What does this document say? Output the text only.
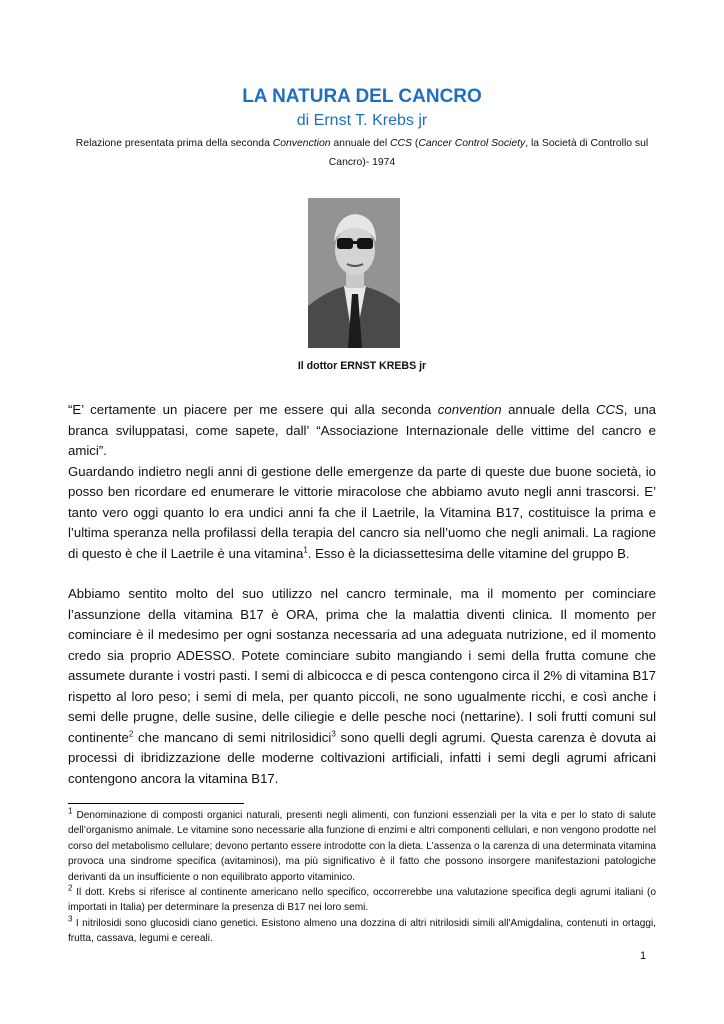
LA NATURA DEL CANCRO
di Ernst T. Krebs jr
Relazione presentata prima della seconda Convenction annuale del CCS (Cancer Control Society, la Società di Controllo sul Cancro)- 1974
Il dottor ERNST KREBS jr

“E’ certamente un piacere per me essere qui alla seconda convention annuale della CCS, una branca sviluppatasi, come sapete, dall’ “Associazione Internazionale delle vittime del cancro e amici”.

Guardando indietro negli anni di gestione delle emergenze da parte di queste due buone società, io posso ben ricordare ed enumerare le vittorie miracolose che abbiamo avuto negli anni trascorsi. E’ tanto vero oggi quanto lo era undici anni fa che il Laetrile, la Vitamina B17, costituisce la prima e l’ultima speranza nella profilassi della terapia del cancro sia nell’uomo che negli animali. La ragione di questo è che il Laetrile è una vitamina$^1$. Esso è la diciassettesima delle vitamine del gruppo B.

Abbiamo sentito molto del suo utilizzo nel cancro terminale, ma il momento per cominciare l’assunzione della vitamina B17 è ORA, prima che la malattia diventi clinica. Il momento per cominciare è il medesimo per ogni sostanza necessaria ad una adeguata nutrizione, ed il momento credo sia proprio ADESSO. Potete cominciare subito mangiando i semi della frutta comune che assumete durante i vostri pasti. I semi di albicocca e di pesca contengono circa il 2% di vitamina B17 rispetto al loro peso; i semi di mela, per quanto piccoli, ne sono ugualmente ricchi, e così anche i semi delle prugne, delle susine, delle ciliegie e delle pesche noci (nettarine). I soli frutti comuni sul continente$^2$ che mancano di semi nitrilosidici$^3$ sono quelli degli agrumi. Questa carenza è dovuta ai processi di ibridizzazione delle moderne coltivazioni artificiali, infatti i semi degli agrumi africani contengono ancora la vitamina B17.

$^1$ Denominazione di composti organici naturali, presenti negli alimenti, con funzioni essenziali per la vita e per lo stato di salute dell’organismo animale. Le vitamine sono necessarie alla funzione di enzimi e altri componenti cellulari, e non vengono prodotte nel corso del metabolismo cellulare; devono pertanto essere introdotte con la dieta. L’assenza o la carenza di una determinata vitamina provoca una sindrome specifica (avitaminosi), ma più significativo è il fatto che possono insorgere manifestazioni patologiche derivanti da un insufficiente o non equilibrato apporto vitaminico.

$^2$ Il dott. Krebs si riferisce al continente americano nello specifico, occorrerebbe una valutazione specifica degli agrumi italiani (o importati in Italia) per determinare la presenza di B17 nei loro semi.

$^3$ I nitrilosidi sono glucosidi ciano genetici. Esistono almeno una dozzina di altri nitrilosidi simili all'Amigdalina, contenuti in ortaggi, frutta, cassava, legumi e cereali.

1
